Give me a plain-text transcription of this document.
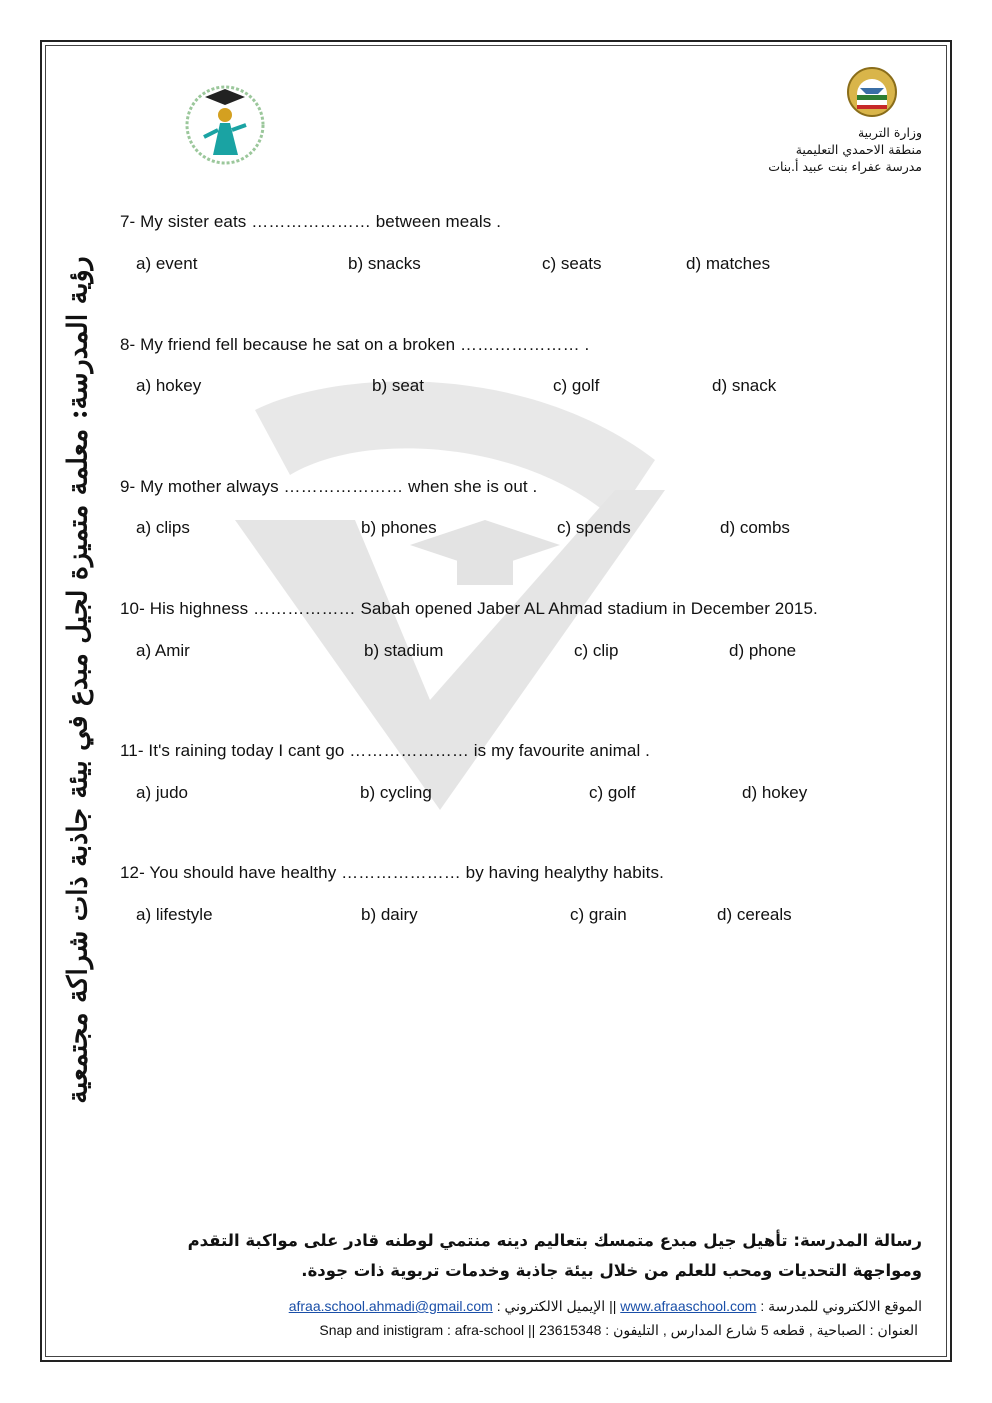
وزارة التربية
منطقة الاحمدي التعليمية
مدرسة عفراء بنت عبيد أ.بنات
رؤية المدرسة: معلمة متميزة لجيل مبدع في بيئة جاذبة ذات شراكة مجتمعية
7- My sister eats ………………… between meals .
a) event	b) snacks	c) seats	d) matches
8- My friend fell because he sat on a broken ………………… .
a) hokey	b) seat	c) golf	d) snack
9- My mother always ………………… when she is out .
a) clips	b) phones	c) spends	d) combs
10- His highness ……………… Sabah opened Jaber AL Ahmad stadium in December 2015.
a) Amir	b) stadium	c) clip	d) phone
11- It's raining today I cant go ………………… is my favourite animal .
a) judo	b) cycling	c) golf	d) hokey
12- You should have healthy ………………… by having healythy habits.
a) lifestyle	b) dairy	c) grain	d) cereals
رسالة المدرسة: تأهيل جيل مبدع متمسك بتعاليم دينه منتمي لوطنه قادر على مواكبة التقدم ومواجهة التحديات ومحب للعلم من خلال بيئة جاذبة وخدمات تربوية ذات جودة.
الموقع الالكتروني للمدرسة : www.afraaschool.com || الإيميل الالكتروني : afraa.school.ahmadi@gmail.com
العنوان : الصباحية , قطعه 5 شارع المدارس , التليفون : 23615348 || Snap and inistigram : afra-school
